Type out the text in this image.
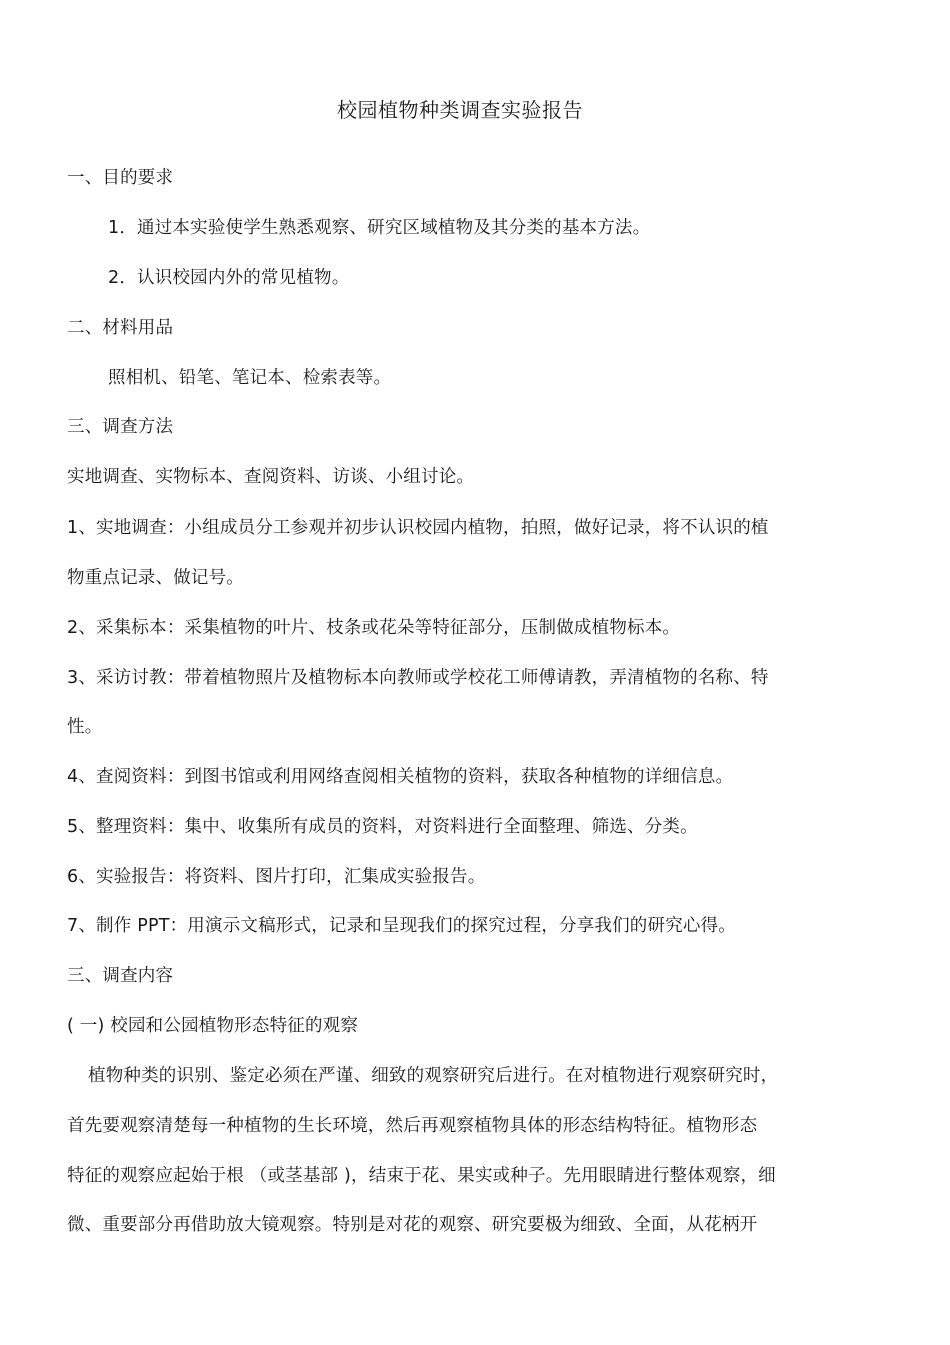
校园植物种类调查实验报告
一、目的要求
1．通过本实验使学生熟悉观察、研究区域植物及其分类的基本方法。
2．认识校园内外的常见植物。
二、材料用品
照相机、铅笔、笔记本、检索表等。
三、调查方法
实地调查、实物标本、查阅资料、访谈、小组讨论。
1、实地调查：小组成员分工参观并初步认识校园内植物，拍照，做好记录，将不认识的植
物重点记录、做记号。
2、采集标本：采集植物的叶片、枝条或花朵等特征部分，压制做成植物标本。
3、采访讨教：带着植物照片及植物标本向教师或学校花工师傅请教，弄清植物的名称、特
性。
4、查阅资料：到图书馆或利用网络查阅相关植物的资料，获取各种植物的详细信息。
5、整理资料：集中、收集所有成员的资料，对资料进行全面整理、筛选、分类。
6、实验报告：将资料、图片打印，汇集成实验报告。
7、制作 PPT：用演示文稿形式，记录和呈现我们的探究过程，分享我们的研究心得。
三、调查内容
( 一) 校园和公园植物形态特征的观察
植物种类的识别、鉴定必须在严谨、细致的观察研究后进行。在对植物进行观察研究时，
首先要观察清楚每一种植物的生长环境，然后再观察植物具体的形态结构特征。植物形态
特征的观察应起始于根 （或茎基部 )，结束于花、果实或种子。先用眼睛进行整体观察，细
微、重要部分再借助放大镜观察。特别是对花的观察、研究要极为细致、全面，从花柄开
